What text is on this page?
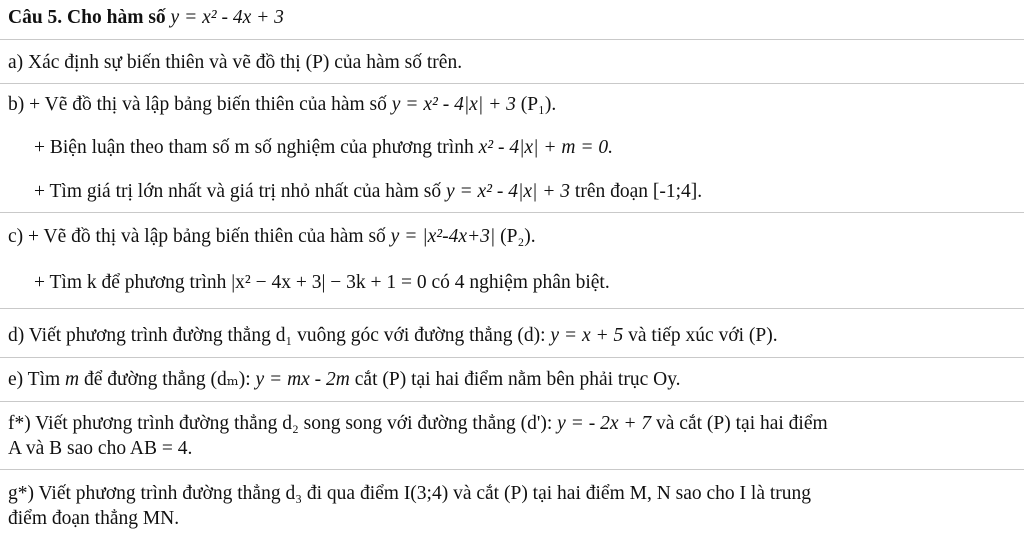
Câu 5. Cho hàm số y = x² - 4x + 3
a) Xác định sự biến thiên và vẽ đồ thị (P) của hàm số trên.
b) + Vẽ đồ thị và lập bảng biến thiên của hàm số y = x² - 4|x| + 3 (P₁).
+ Biện luận theo tham số m số nghiệm của phương trình x² - 4|x| + m = 0.
+ Tìm giá trị lớn nhất và giá trị nhỏ nhất của hàm số y = x² - 4|x| + 3 trên đoạn [-1;4].
c) + Vẽ đồ thị và lập bảng biến thiên của hàm số y = |x²-4x+3| (P₂).
+ Tìm k để phương trình |x² − 4x + 3| − 3k + 1 = 0 có 4 nghiệm phân biệt.
d) Viết phương trình đường thẳng d₁ vuông góc với đường thẳng (d): y = x + 5 và tiếp xúc với (P).
e) Tìm m để đường thẳng (dₘ): y = mx - 2m cắt (P) tại hai điểm nằm bên phải trục Oy.
f*) Viết phương trình đường thẳng d₂ song song với đường thẳng (d'): y = - 2x + 7 và cắt (P) tại hai điểm
A và B sao cho AB = 4.
g*) Viết phương trình đường thẳng d₃ đi qua điểm I(3;4) và cắt (P) tại hai điểm M, N sao cho I là trung
điểm đoạn thẳng MN.
